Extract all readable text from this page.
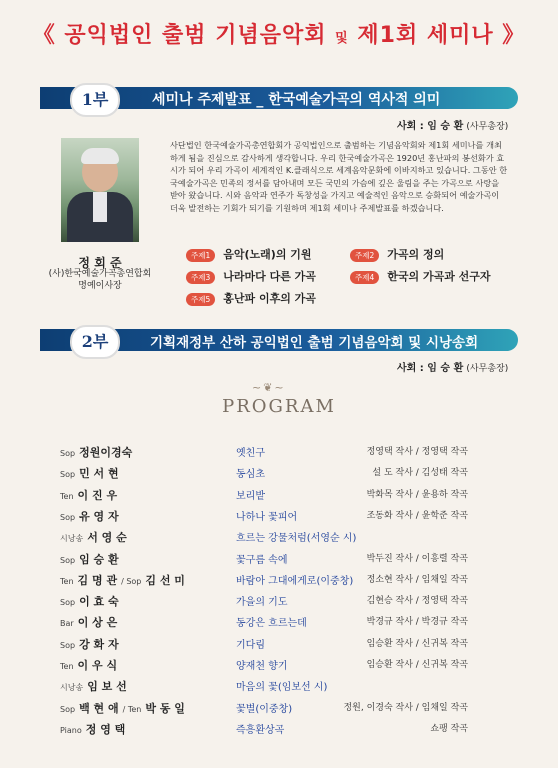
《 공익법인 출범 기념음악회 및 제1회 세미나 》
1부	세미나 주제발표 _ 한국예술가곡의 역사적 의미
사회 : 임 승 환 (사무총장)
정 회 준
(사)한국예술가곡총연합회
명예이사장
사단법인 한국예술가곡총연합회가 공익법인으로 출범하는 기념음악회와 제1회 세미나를 개최하게 됨을 진심으로 감사하게 생각합니다. 우리 한국예술가곡은 1920년 홍난파의 봉선화가 효시가 되어 우리 가곡이 세계적인 K.클래식으로 세계음악문화에 이바지하고 있습니다. 그동안 한국예술가곡은 민족의 정서를 담아내며 모든 국민의 가슴에 깊은 울림을 주는 가곡으로 사랑을 받아 왔습니다. 시와 음악과 연주가 독창성을 가지고 예술적인 음악으로 승화되어 예술가곡이 더욱 발전하는 기회가 되기를 기원하며 제1회 세미나 주제발표를 하겠습니다.
주제1 음악(노래)의 기원	주제2 가곡의 정의
주제3 나라마다 다른 가곡	주제4 한국의 가곡과 선구자
주제5 홍난파 이후의 가곡
2부	기획재정부 산하 공익법인 출범 기념음악회 및 시낭송회
사회 : 임 승 환 (사무총장)
~❦~
PROGRAM
Sop 정원이경숙	옛친구	정영택 작사 / 정영택 작곡
Sop 민 서 현	동심초	설 도 작사 / 김성태 작곡
Ten 이 진 우	보리밭	박화목 작사 / 윤용하 작곡
Sop 유 영 자	나하나 꽃피어	조동화 작사 / 윤학준 작곡
시낭송 서 영 순	흐르는 강물처럼(서영순 시)
Sop 임 승 환	꽃구름 속에	박두진 작사 / 이흥렬 작곡
Ten 김 명 관 / Sop 김 선 미	바람아 그대에게로(이중창)	정소현 작사 / 임채일 작곡
Sop 이 효 숙	가을의 기도	김현승 작사 / 정영택 작곡
Bar 이 상 은	동강은 흐르는데	박경규 작사 / 박경규 작곡
Sop 강 화 자	기다림	임승환 작사 / 신귀복 작곡
Ten 이 우 식	양재천 향기	임승환 작사 / 신귀복 작곡
시낭송 임 보 선	마음의 꽃(임보선 시)
Sop 백 현 애 / Ten 박 동 일	꽃별(이중창)	정원, 이경숙 작사 / 임채일 작곡
Piano 정 영 택	즉흥환상곡	쇼팽 작곡
